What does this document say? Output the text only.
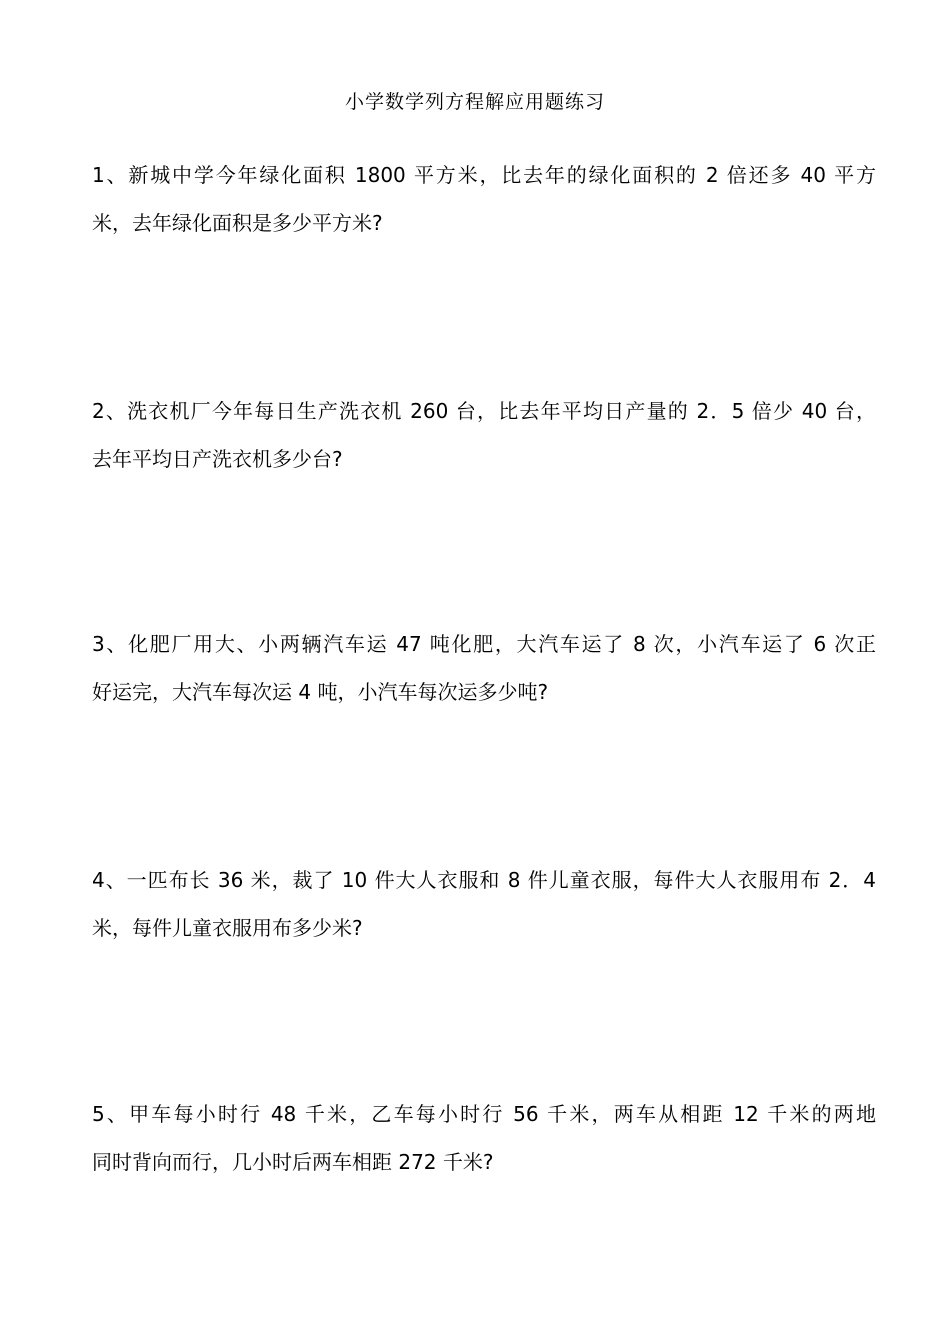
小学数学列方程解应用题练习
1、新城中学今年绿化面积 1800 平方米，比去年的绿化面积的 2 倍还多 40 平方
米，去年绿化面积是多少平方米?
2、洗衣机厂今年每日生产洗衣机 260 台，比去年平均日产量的 2．5 倍少 40 台，
去年平均日产洗衣机多少台?
3、化肥厂用大、小两辆汽车运 47 吨化肥，大汽车运了 8 次，小汽车运了 6 次正
好运完，大汽车每次运 4 吨，小汽车每次运多少吨?
4、一匹布长 36 米，裁了 10 件大人衣服和 8 件儿童衣服，每件大人衣服用布 2．4
米，每件儿童衣服用布多少米?
5、甲车每小时行 48 千米，乙车每小时行 56 千米，两车从相距 12 千米的两地
同时背向而行，几小时后两车相距 272 千米?
